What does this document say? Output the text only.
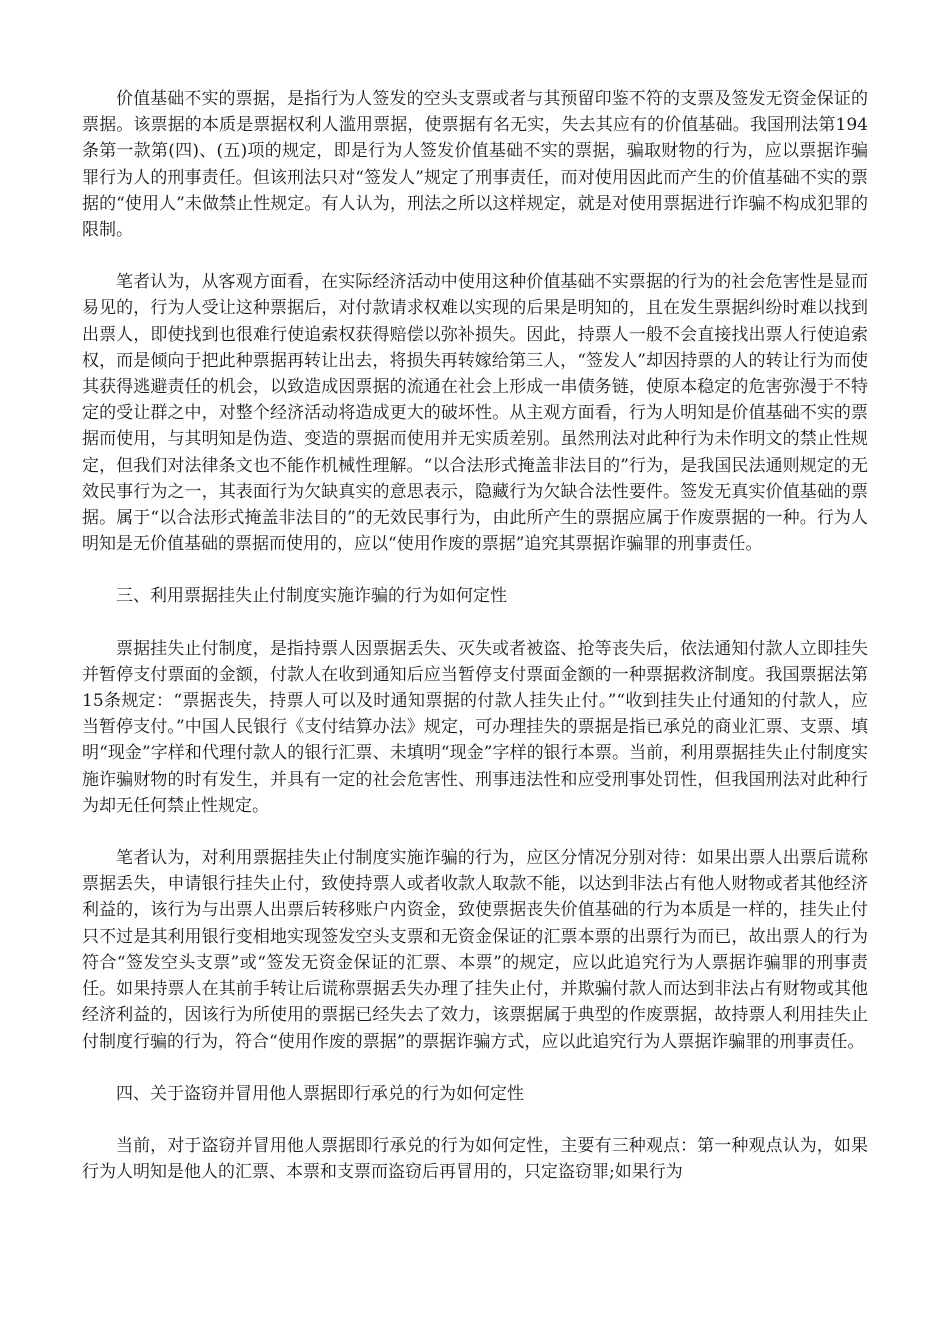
价值基础不实的票据，是指行为人签发的空头支票或者与其预留印鉴不符的支票及签发无资金保证的票据。该票据的本质是票据权利人滥用票据，使票据有名无实，失去其应有的价值基础。我国刑法第194条第一款第(四)、(五)项的规定，即是行为人签发价值基础不实的票据，骗取财物的行为，应以票据诈骗罪行为人的刑事责任。但该刑法只对“签发人”规定了刑事责任，而对使用因此而产生的价值基础不实的票据的“使用人”未做禁止性规定。有人认为，刑法之所以这样规定，就是对使用票据进行诈骗不构成犯罪的限制。

笔者认为，从客观方面看，在实际经济活动中使用这种价值基础不实票据的行为的社会危害性是显而易见的，行为人受让这种票据后，对付款请求权难以实现的后果是明知的，且在发生票据纠纷时难以找到出票人，即使找到也很难行使追索权获得赔偿以弥补损失。因此，持票人一般不会直接找出票人行使追索权，而是倾向于把此种票据再转让出去，将损失再转嫁给第三人，“签发人”却因持票的人的转让行为而使其获得逃避责任的机会，以致造成因票据的流通在社会上形成一串债务链，使原本稳定的危害弥漫于不特定的受让群之中，对整个经济活动将造成更大的破坏性。从主观方面看，行为人明知是价值基础不实的票据而使用，与其明知是伪造、变造的票据而使用并无实质差别。虽然刑法对此种行为未作明文的禁止性规定，但我们对法律条文也不能作机械性理解。“以合法形式掩盖非法目的”行为，是我国民法通则规定的无效民事行为之一，其表面行为欠缺真实的意思表示，隐藏行为欠缺合法性要件。签发无真实价值基础的票据。属于“以合法形式掩盖非法目的”的无效民事行为，由此所产生的票据应属于作废票据的一种。行为人明知是无价值基础的票据而使用的，应以“使用作废的票据”追究其票据诈骗罪的刑事责任。

三、利用票据挂失止付制度实施诈骗的行为如何定性

票据挂失止付制度，是指持票人因票据丢失、灭失或者被盗、抢等丧失后，依法通知付款人立即挂失并暂停支付票面的金额，付款人在收到通知后应当暂停支付票面金额的一种票据救济制度。我国票据法第15条规定：“票据丧失，持票人可以及时通知票据的付款人挂失止付。”“收到挂失止付通知的付款人，应当暂停支付。”中国人民银行《支付结算办法》规定，可办理挂失的票据是指已承兑的商业汇票、支票、填明“现金”字样和代理付款人的银行汇票、未填明“现金”字样的银行本票。当前，利用票据挂失止付制度实施诈骗财物的时有发生，并具有一定的社会危害性、刑事违法性和应受刑事处罚性，但我国刑法对此种行为却无任何禁止性规定。

笔者认为，对利用票据挂失止付制度实施诈骗的行为，应区分情况分别对待：如果出票人出票后谎称票据丢失，申请银行挂失止付，致使持票人或者收款人取款不能，以达到非法占有他人财物或者其他经济利益的，该行为与出票人出票后转移账户内资金，致使票据丧失价值基础的行为本质是一样的，挂失止付只不过是其利用银行变相地实现签发空头支票和无资金保证的汇票本票的出票行为而已，故出票人的行为符合“签发空头支票”或“签发无资金保证的汇票、本票”的规定，应以此追究行为人票据诈骗罪的刑事责任。如果持票人在其前手转让后谎称票据丢失办理了挂失止付，并欺骗付款人而达到非法占有财物或其他经济利益的，因该行为所使用的票据已经失去了效力，该票据属于典型的作废票据，故持票人利用挂失止付制度行骗的行为，符合“使用作废的票据”的票据诈骗方式，应以此追究行为人票据诈骗罪的刑事责任。

四、关于盗窃并冒用他人票据即行承兑的行为如何定性

当前，对于盗窃并冒用他人票据即行承兑的行为如何定性，主要有三种观点：第一种观点认为，如果行为人明知是他人的汇票、本票和支票而盗窃后再冒用的，只定盗窃罪;如果行为
